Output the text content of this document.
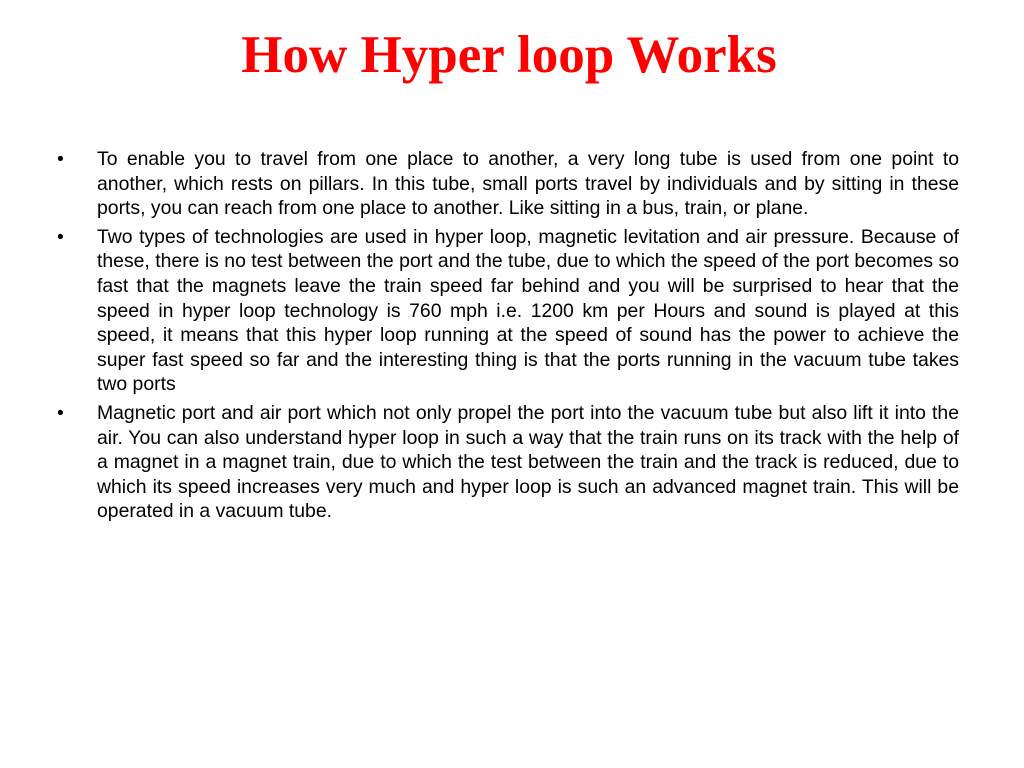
How Hyper loop Works
• To enable you to travel from one place to another, a very long tube is used from one point to another, which rests on pillars. In this tube, small ports travel by individuals and by sitting in these ports, you can reach from one place to another. Like sitting in a bus, train, or plane.
• Two types of technologies are used in hyper loop, magnetic levitation and air pressure. Because of these, there is no test between the port and the tube, due to which the speed of the port becomes so fast that the magnets leave the train speed far behind and you will be surprised to hear that the speed in hyper loop technology is 760 mph i.e. 1200 km per Hours and sound is played at this speed, it means that this hyper loop running at the speed of sound has the power to achieve the super fast speed so far and the interesting thing is that the ports running in the vacuum tube takes two ports
• Magnetic port and air port which not only propel the port into the vacuum tube but also lift it into the air. You can also understand hyper loop in such a way that the train runs on its track with the help of a magnet in a magnet train, due to which the test between the train and the track is reduced, due to which its speed increases very much and hyper loop is such an advanced magnet train. This will be operated in a vacuum tube.
